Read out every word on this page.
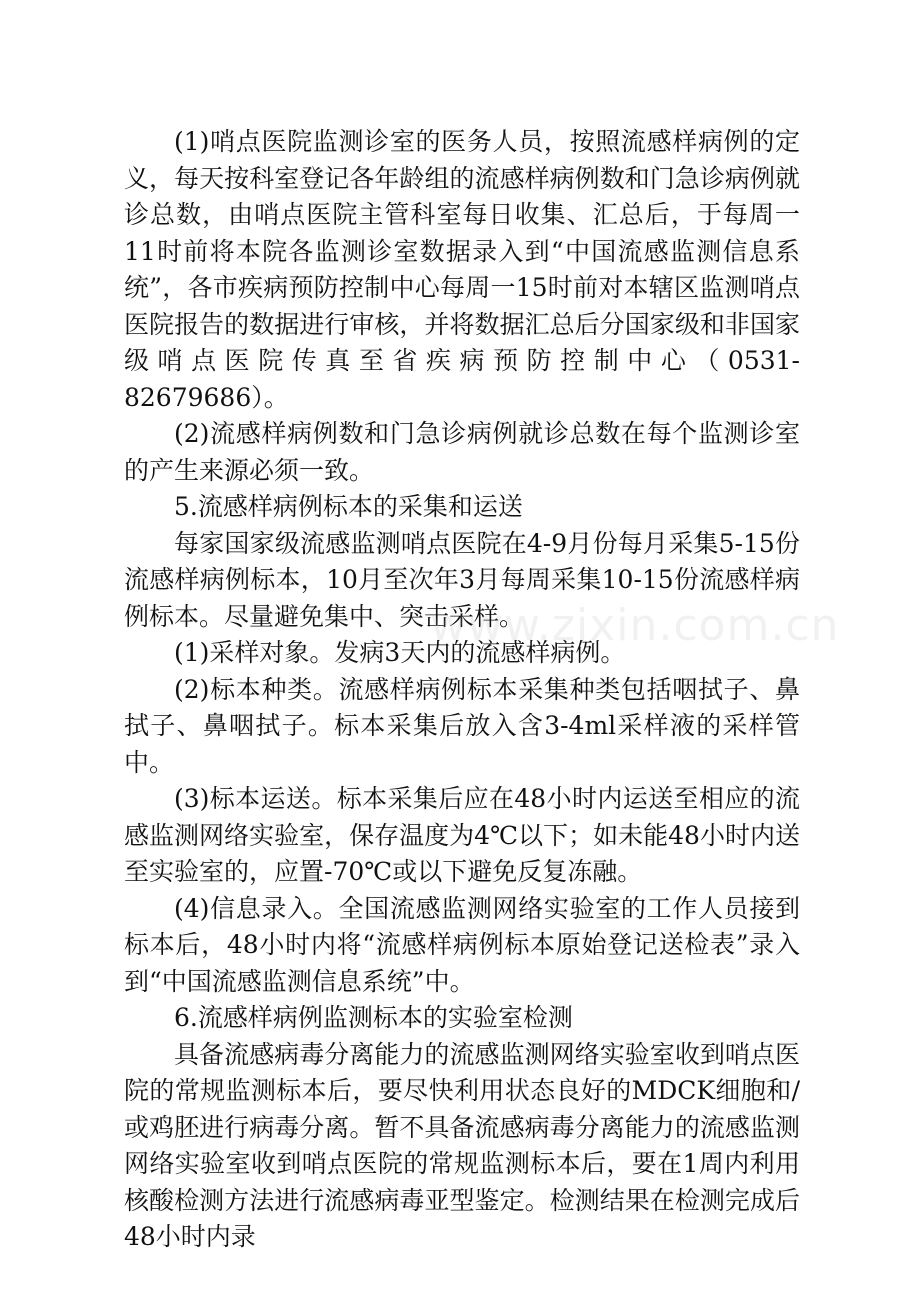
(1)哨点医院监测诊室的医务人员，按照流感样病例的定义，每天按科室登记各年龄组的流感样病例数和门急诊病例就诊总数，由哨点医院主管科室每日收集、汇总后，于每周一11时前将本院各监测诊室数据录入到“中国流感监测信息系统”，各市疾病预防控制中心每周一15时前对本辖区监测哨点医院报告的数据进行审核，并将数据汇总后分国家级和非国家级哨点医院传真至省疾病预防控制中心（0531-82679686）。

(2)流感样病例数和门急诊病例就诊总数在每个监测诊室的产生来源必须一致。

5.流感样病例标本的采集和运送

每家国家级流感监测哨点医院在4-9月份每月采集5-15份流感样病例标本，10月至次年3月每周采集10-15份流感样病例标本。尽量避免集中、突击采样。

(1)采样对象。发病3天内的流感样病例。

(2)标本种类。流感样病例标本采集种类包括咽拭子、鼻拭子、鼻咽拭子。标本采集后放入含3-4ml采样液的采样管中。

(3)标本运送。标本采集后应在48小时内运送至相应的流感监测网络实验室，保存温度为4℃以下；如未能48小时内送至实验室的，应置-70℃或以下避免反复冻融。

(4)信息录入。全国流感监测网络实验室的工作人员接到标本后，48小时内将“流感样病例标本原始登记送检表”录入到“中国流感监测信息系统”中。

6.流感样病例监测标本的实验室检测

具备流感病毒分离能力的流感监测网络实验室收到哨点医院的常规监测标本后，要尽快利用状态良好的MDCK细胞和/或鸡胚进行病毒分离。暂不具备流感病毒分离能力的流感监测网络实验室收到哨点医院的常规监测标本后，要在1周内利用核酸检测方法进行流感病毒亚型鉴定。检测结果在检测完成后48小时内录

www.zixin.com.cn
